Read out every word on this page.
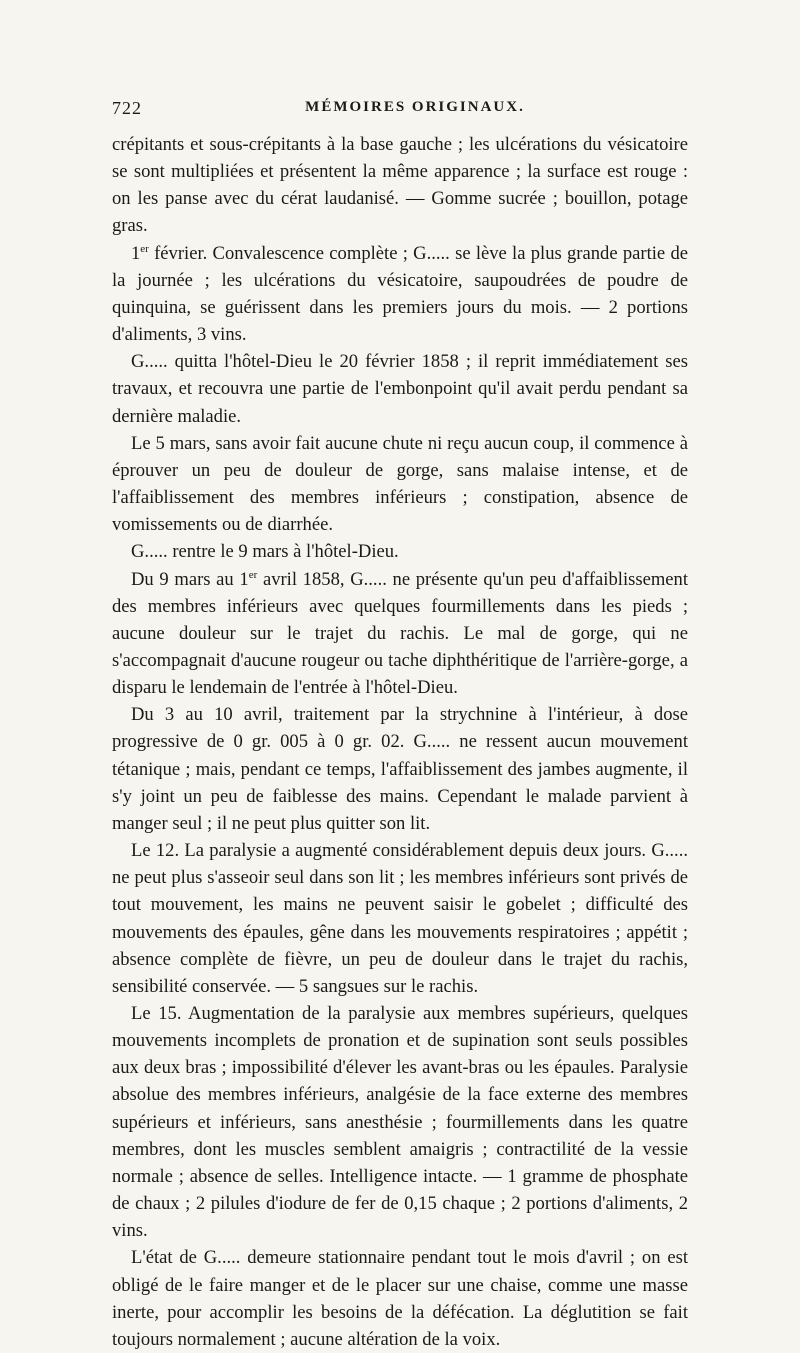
722	MÉMOIRES ORIGINAUX.

crépitants et sous-crépitants à la base gauche ; les ulcérations du vésicatoire se sont multipliées et présentent la même apparence ; la surface est rouge : on les panse avec du cérat laudanisé. — Gomme sucrée ; bouillon, potage gras.

1er février. Convalescence complète ; G..... se lève la plus grande partie de la journée ; les ulcérations du vésicatoire, saupoudrées de poudre de quinquina, se guérissent dans les premiers jours du mois. — 2 portions d'aliments, 3 vins.

G..... quitta l'hôtel-Dieu le 20 février 1858 ; il reprit immédiatement ses travaux, et recouvra une partie de l'embonpoint qu'il avait perdu pendant sa dernière maladie.

Le 5 mars, sans avoir fait aucune chute ni reçu aucun coup, il commence à éprouver un peu de douleur de gorge, sans malaise intense, et de l'affaiblissement des membres inférieurs ; constipation, absence de vomissements ou de diarrhée.

G..... rentre le 9 mars à l'hôtel-Dieu.

Du 9 mars au 1er avril 1858, G..... ne présente qu'un peu d'affaiblissement des membres inférieurs avec quelques fourmillements dans les pieds ; aucune douleur sur le trajet du rachis. Le mal de gorge, qui ne s'accompagnait d'aucune rougeur ou tache diphthéritique de l'arrière-gorge, a disparu le lendemain de l'entrée à l'hôtel-Dieu.

Du 3 au 10 avril, traitement par la strychnine à l'intérieur, à dose progressive de 0 gr. 005 à 0 gr. 02. G..... ne ressent aucun mouvement tétanique ; mais, pendant ce temps, l'affaiblissement des jambes augmente, il s'y joint un peu de faiblesse des mains. Cependant le malade parvient à manger seul ; il ne peut plus quitter son lit.

Le 12. La paralysie a augmenté considérablement depuis deux jours. G..... ne peut plus s'asseoir seul dans son lit ; les membres inférieurs sont privés de tout mouvement, les mains ne peuvent saisir le gobelet ; difficulté des mouvements des épaules, gêne dans les mouvements respiratoires ; appétit ; absence complète de fièvre, un peu de douleur dans le trajet du rachis, sensibilité conservée. — 5 sangsues sur le rachis.

Le 15. Augmentation de la paralysie aux membres supérieurs, quelques mouvements incomplets de pronation et de supination sont seuls possibles aux deux bras ; impossibilité d'élever les avant-bras ou les épaules. Paralysie absolue des membres inférieurs, analgésie de la face externe des membres supérieurs et inférieurs, sans anesthésie ; fourmillements dans les quatre membres, dont les muscles semblent amaigris ; contractilité de la vessie normale ; absence de selles. Intelligence intacte. — 1 gramme de phosphate de chaux ; 2 pilules d'iodure de fer de 0,15 chaque ; 2 portions d'aliments, 2 vins.

L'état de G..... demeure stationnaire pendant tout le mois d'avril ; on est obligé de le faire manger et de le placer sur une chaise, comme une masse inerte, pour accomplir les besoins de la défécation. La déglutition se fait toujours normalement ; aucune altération de la voix.
